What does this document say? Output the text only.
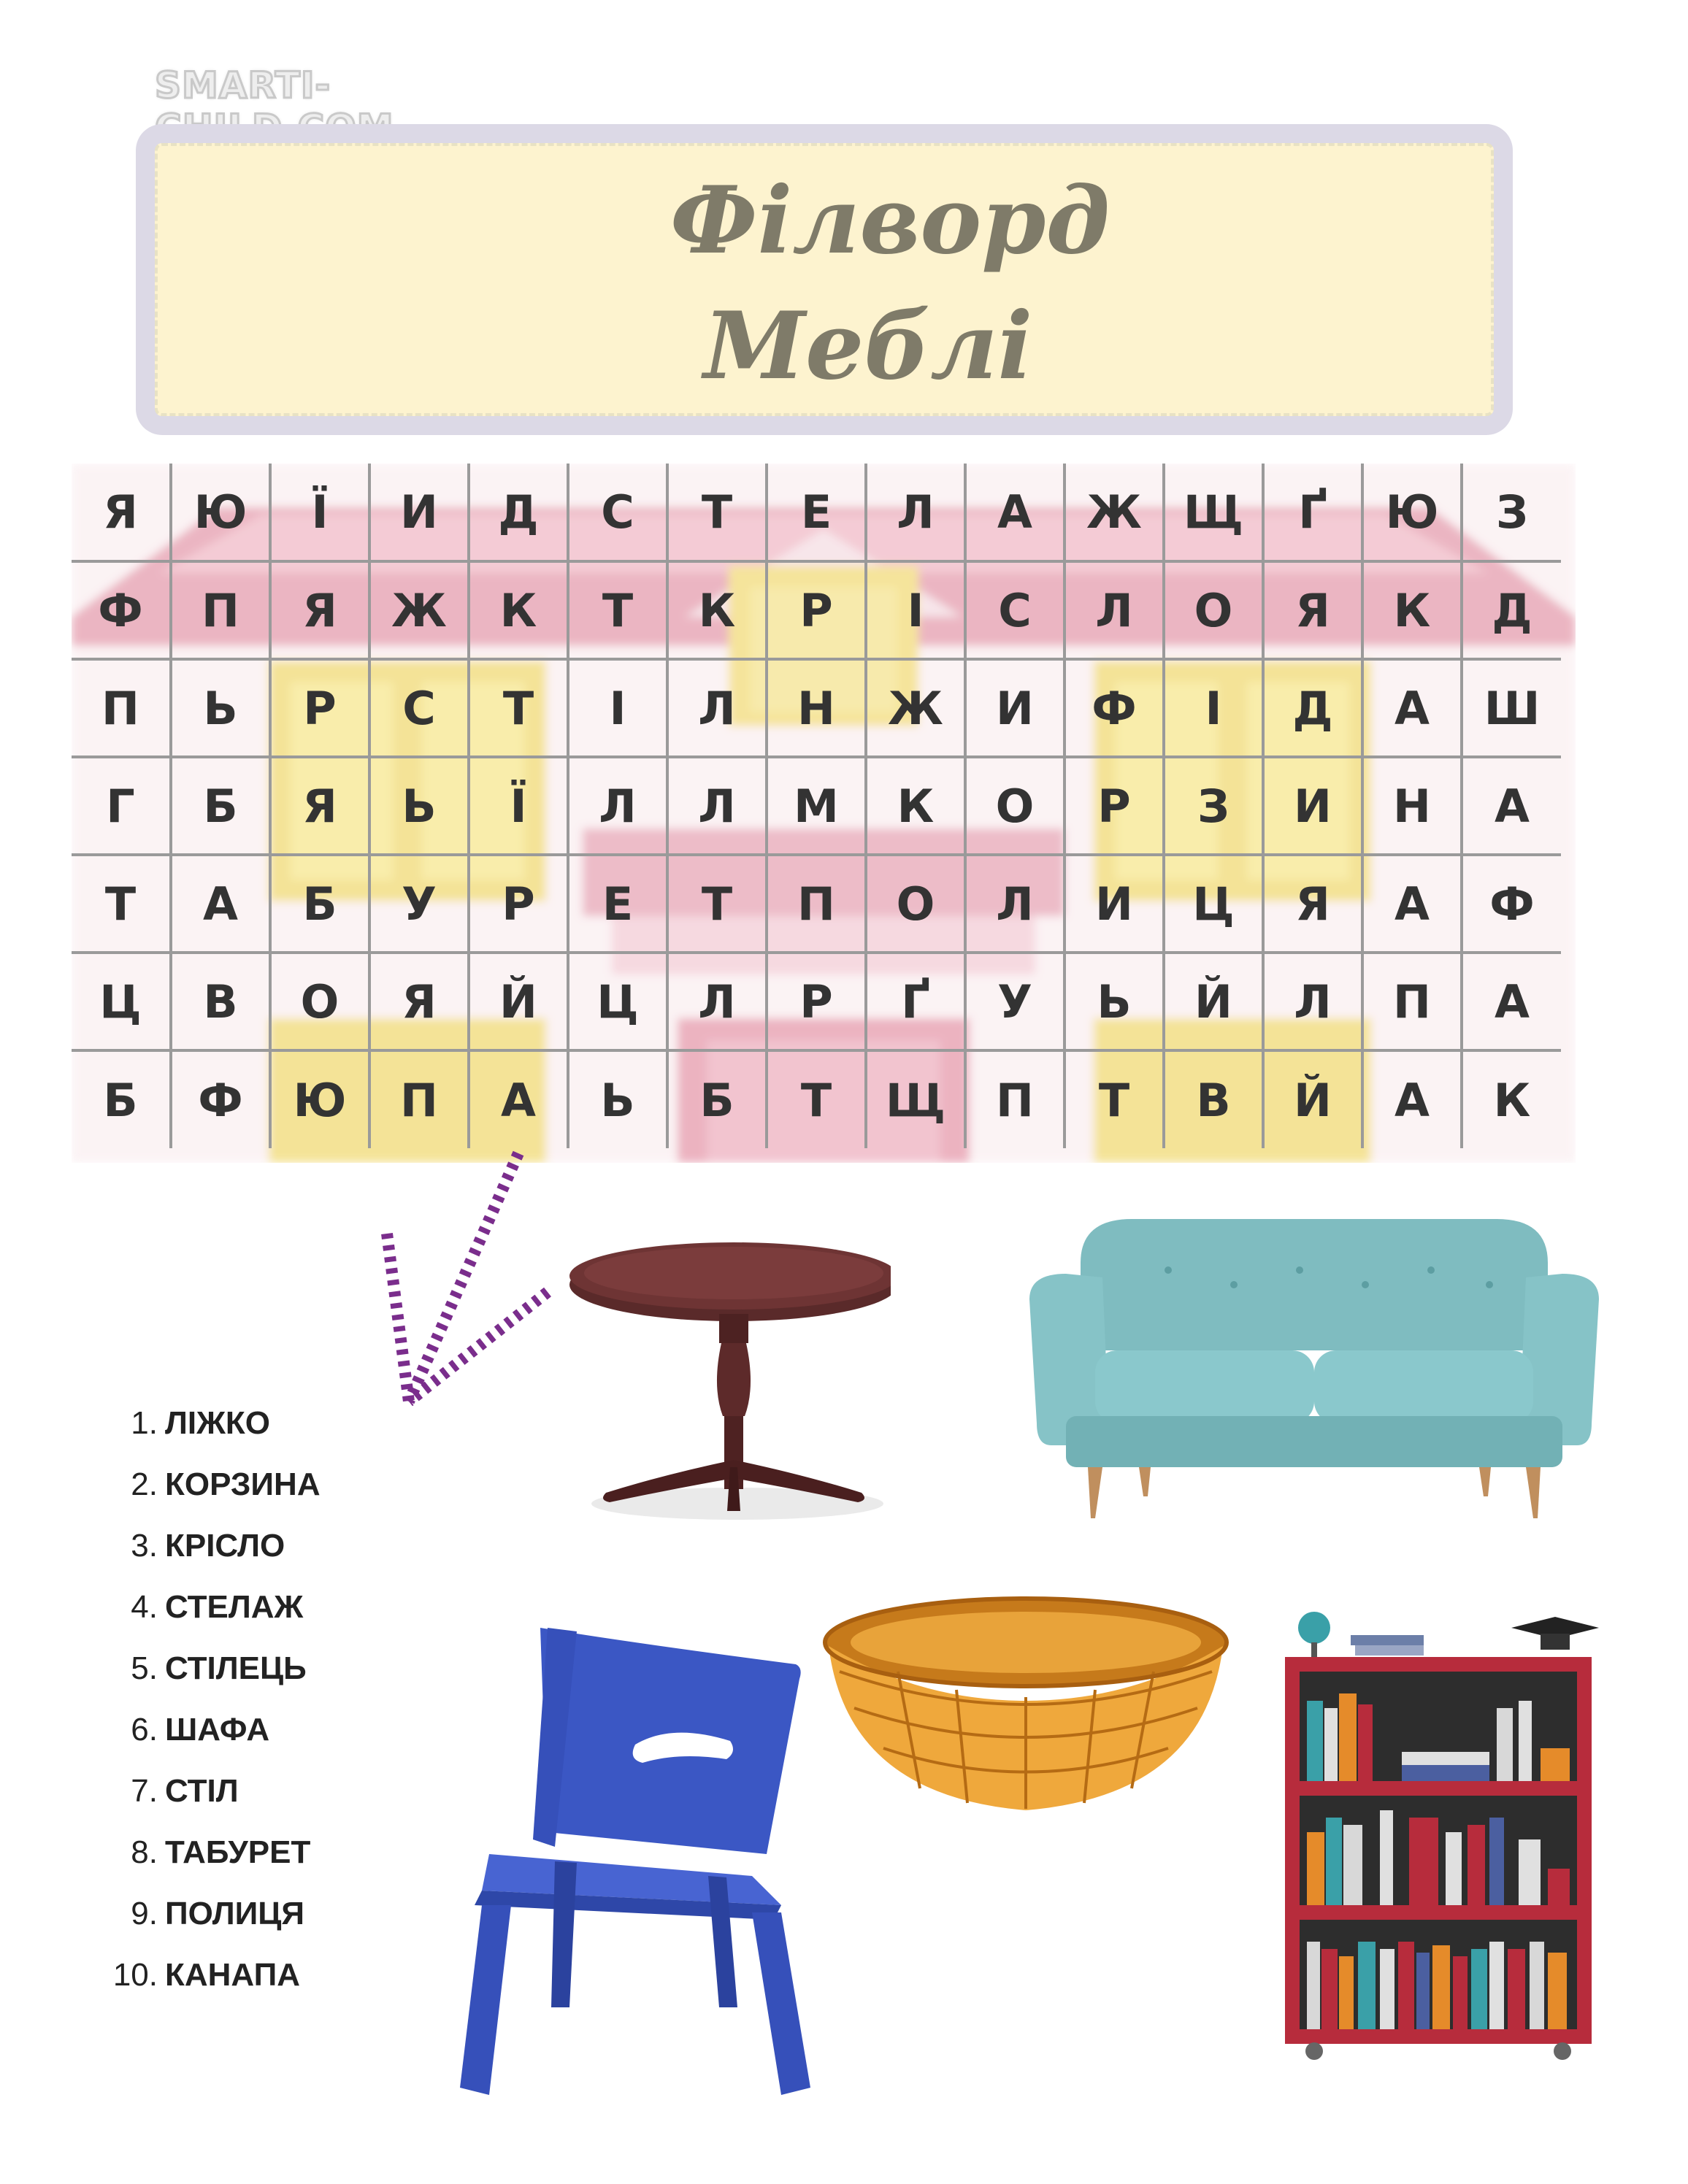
SMARTI-
Філворд
Меблі
Я	Ю	Ї	И	Д	С	Т	Е	Л	А	Ж	Щ	Ґ	Ю	З
Ф	П	Я	Ж	К	Т	К	Р	І	С	Л	О	Я	К	Д
П	Ь	Р	С	Т	І	Л	Н	Ж	И	Ф	І	Д	А	Ш
Г	Б	Я	Ь	Ї	Л	Л	М	К	О	Р	З	И	Н	А
Т	А	Б	У	Р	Е	Т	П	О	Л	И	Ц	Я	А	Ф
Ц	В	О	Я	Й	Ц	Л	Р	Ґ	У	Ь	Й	Л	П	А
Б	Ф	Ю	П	А	Ь	Б	Т	Щ	П	Т	В	Й	А	К
1. ЛІЖКО
2. КОРЗИНА
3. КРІСЛО
4. СТЕЛАЖ
5. СТІЛЕЦЬ
6. ШАФА
7. СТІЛ
8. ТАБУРЕТ
9. ПОЛИЦЯ
10. КАНАПА
